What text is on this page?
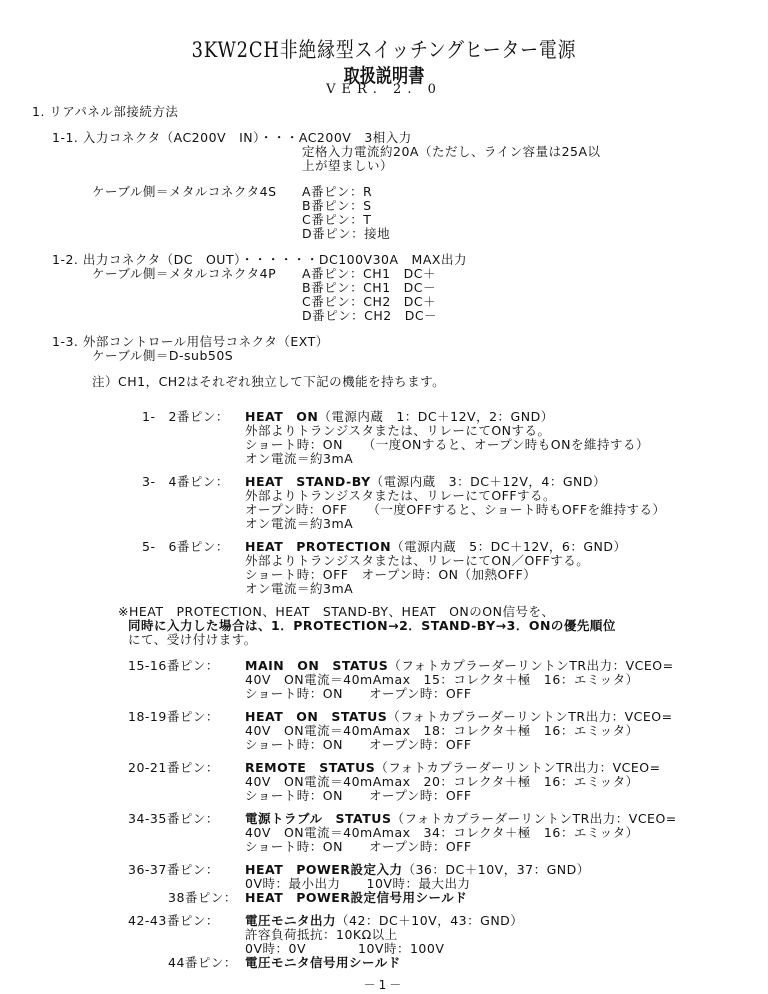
3KW2CH非絶縁型スイッチングヒーター電源
取扱説明書
VER. 2. 0
1. リアパネル部接続方法
1-1. 入力コネクタ（AC200V　IN）・・・AC200V　3相入力
定格入力電流約20A（ただし、ライン容量は25A以
上が望ましい）
ケーブル側＝メタルコネクタ4S A番ピン：R
B番ピン：S
C番ピン：T
D番ピン：接地
1-2. 出力コネクタ（DC　OUT）・・・・・・DC100V30A　MAX出力
ケーブル側＝メタルコネクタ4P A番ピン：CH1　DC＋
B番ピン：CH1　DC－
C番ピン：CH2　DC＋
D番ピン：CH2　DC－
1-3. 外部コントロール用信号コネクタ（EXT）
ケーブル側＝D-sub50S
注）CH1，CH2はそれぞれ独立して下記の機能を持ちます。
1-　2番ピン： HEAT　ON（電源内蔵　1：DC＋12V，2：GND）
外部よりトランジスタまたは、リレーにてONする。
ショート時：ON　　（一度ONすると、オープン時もONを維持する）
オン電流＝約3mA
3-　4番ピン： HEAT　STAND-BY（電源内蔵　3：DC＋12V，4：GND）
外部よりトランジスタまたは、リレーにてOFFする。
オープン時：OFF　　（一度OFFすると、ショート時もOFFを維持する）
オン電流＝約3mA
5-　6番ピン： HEAT　PROTECTION（電源内蔵　5：DC＋12V，6：GND）
外部よりトランジスタまたは、リレーにてON／OFFする。
ショート時：OFF　オープン時：ON（加熱OFF）
オン電流＝約3mA
※HEAT　PROTECTION、HEAT　STAND-BY、HEAT　ONのON信号を、
同時に入力した場合は、1．PROTECTION→2．STAND-BY→3．ONの優先順位
にて、受け付けます。
15-16番ピン： MAIN　ON　STATUS（フォトカプラーダーリントンTR出力：VCEO=
40V　ON電流＝40mAmax　15：コレクタ＋極　16：エミッタ）
ショート時：ON　　オープン時：OFF
18-19番ピン： HEAT　ON　STATUS（フォトカプラーダーリントンTR出力：VCEO=
40V　ON電流＝40mAmax　18：コレクタ＋極　16：エミッタ）
ショート時：ON　　オープン時：OFF
20-21番ピン： REMOTE　STATUS（フォトカプラーダーリントンTR出力：VCEO=
40V　ON電流＝40mAmax　20：コレクタ＋極　16：エミッタ）
ショート時：ON　　オープン時：OFF
34-35番ピン： 電源トラブル　STATUS（フォトカプラーダーリントンTR出力：VCEO=
40V　ON電流＝40mAmax　34：コレクタ＋極　16：エミッタ）
ショート時：ON　　オープン時：OFF
36-37番ピン： HEAT　POWER設定入力（36：DC＋10V，37：GND）
0V時：最小出力　　10V時：最大出力
38番ピン： HEAT　POWER設定信号用シールド
42-43番ピン： 電圧モニタ出力（42：DC＋10V，43：GND）
許容負荷抵抗：10KΩ以上
0V時：0V　　　　10V時：100V
44番ピン： 電圧モニタ信号用シールド
－1－
